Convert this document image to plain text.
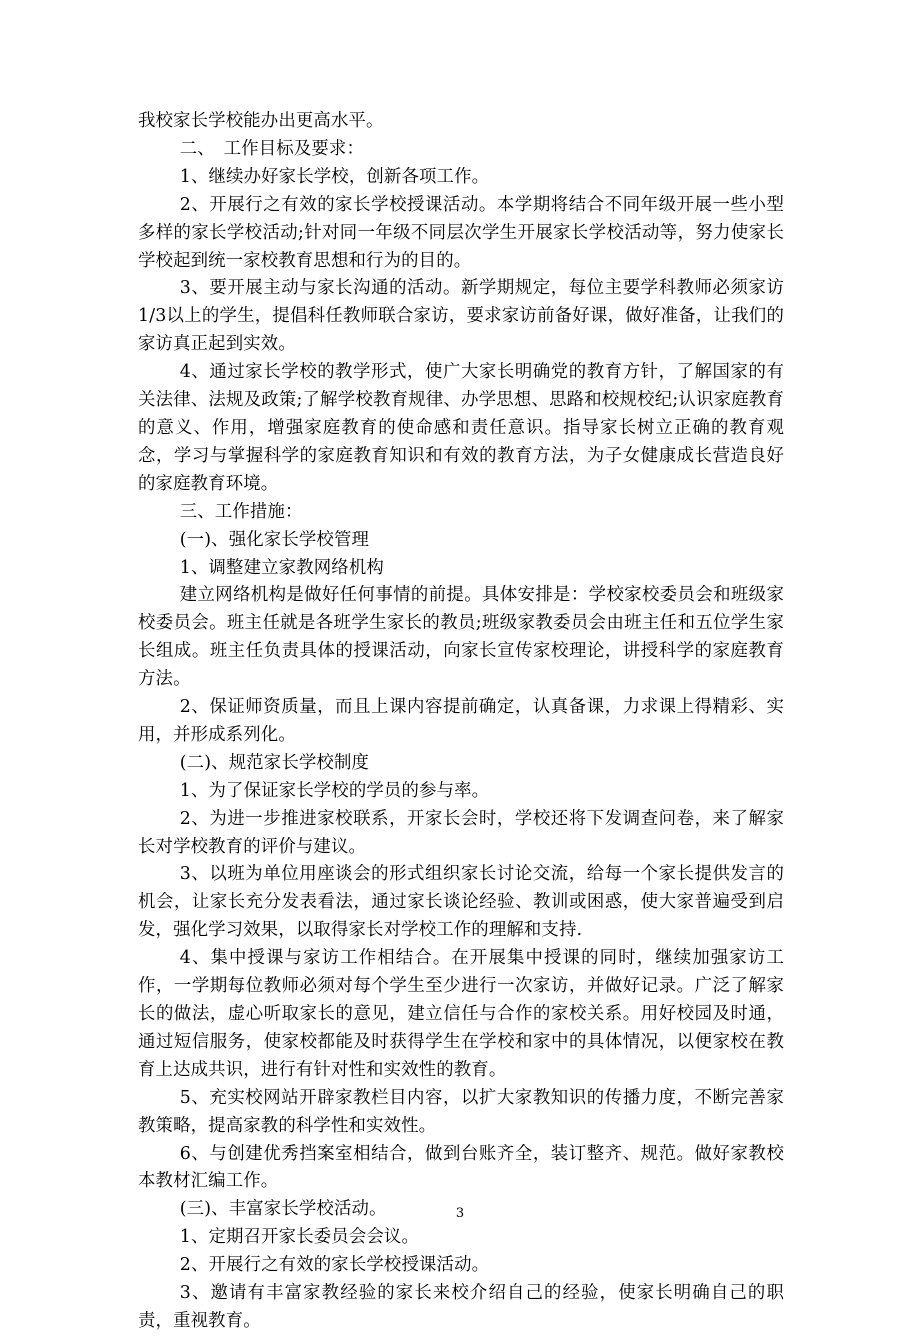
我校家长学校能办出更高水平。

二、　工作目标及要求：

1、继续办好家长学校，创新各项工作。

2、开展行之有效的家长学校授课活动。本学期将结合不同年级开展一些小型多样的家长学校活动;针对同一年级不同层次学生开展家长学校活动等，努力使家长学校起到统一家校教育思想和行为的目的。

3、要开展主动与家长沟通的活动。新学期规定，每位主要学科教师必须家访1/3以上的学生，提倡科任教师联合家访，要求家访前备好课，做好准备，让我们的家访真正起到实效。

4、通过家长学校的教学形式，使广大家长明确党的教育方针，了解国家的有关法律、法规及政策;了解学校教育规律、办学思想、思路和校规校纪;认识家庭教育的意义、作用，增强家庭教育的使命感和责任意识。指导家长树立正确的教育观念，学习与掌握科学的家庭教育知识和有效的教育方法，为子女健康成长营造良好的家庭教育环境。

三、工作措施：

(一)、强化家长学校管理

1、调整建立家教网络机构

建立网络机构是做好任何事情的前提。具体安排是：学校家校委员会和班级家校委员会。班主任就是各班学生家长的教员;班级家教委员会由班主任和五位学生家长组成。班主任负责具体的授课活动，向家长宣传家校理论，讲授科学的家庭教育方法。

2、保证师资质量，而且上课内容提前确定，认真备课，力求课上得精彩、实用，并形成系列化。

(二)、规范家长学校制度

1、为了保证家长学校的学员的参与率。

2、为进一步推进家校联系，开家长会时，学校还将下发调查问卷，来了解家长对学校教育的评价与建议。

3、以班为单位用座谈会的形式组织家长讨论交流，给每一个家长提供发言的机会，让家长充分发表看法，通过家长谈论经验、教训或困惑，使大家普遍受到启发，强化学习效果，以取得家长对学校工作的理解和支持.

4、集中授课与家访工作相结合。在开展集中授课的同时，继续加强家访工作，一学期每位教师必须对每个学生至少进行一次家访，并做好记录。广泛了解家长的做法，虚心听取家长的意见，建立信任与合作的家校关系。用好校园及时通，通过短信服务，使家校都能及时获得学生在学校和家中的具体情况，以便家校在教育上达成共识，进行有针对性和实效性的教育。

5、充实校网站开辟家教栏目内容，以扩大家教知识的传播力度，不断完善家教策略，提高家教的科学性和实效性。

6、与创建优秀挡案室相结合，做到台账齐全，装订整齐、规范。做好家教校本教材汇编工作。

(三)、丰富家长学校活动。

1、定期召开家长委员会会议。

2、开展行之有效的家长学校授课活动。

3、邀请有丰富家教经验的家长来校介绍自己的经验，使家长明确自己的职责，重视教育。

3
